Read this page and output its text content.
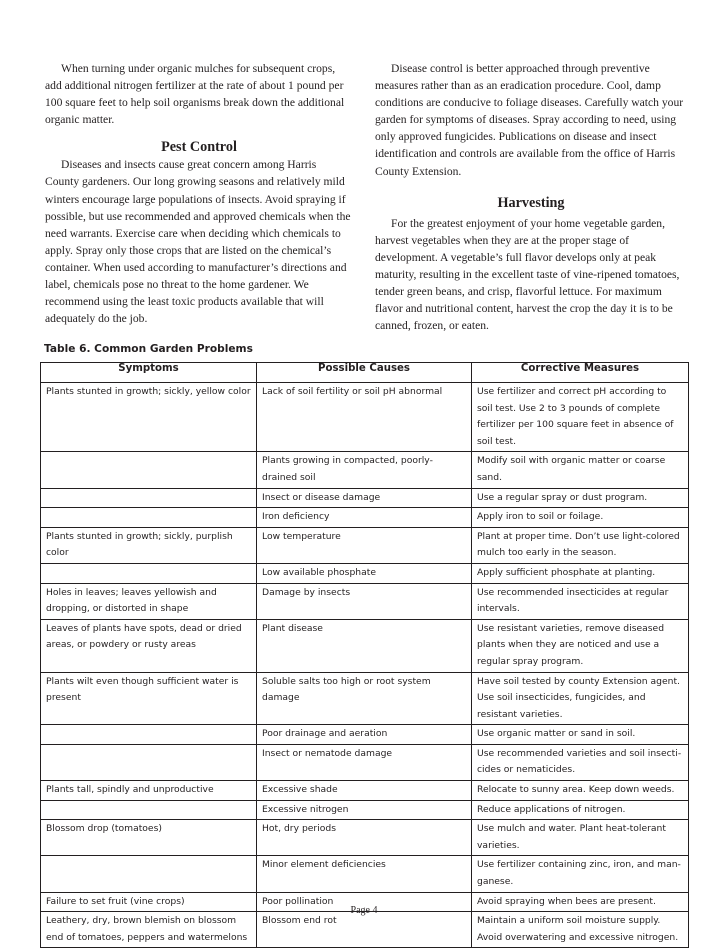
When turning under organic mulches for subsequent crops, add additional nitrogen fertilizer at the rate of about 1 pound per 100 square feet to help soil organisms break down the additional organic matter.

Pest Control

Diseases and insects cause great concern among Harris County gardeners. Our long growing seasons and relatively mild winters encourage large populations of insects. Avoid spraying if possible, but use recommended and approved chemicals when the need warrants. Exercise care when deciding which chemicals to apply. Spray only those crops that are listed on the chemical’s container. When used according to manufacturer’s directions and label, chemicals pose no threat to the home gardener. We recommend using the least toxic products available that will adequately do the job.

Disease control is better approached through preventive measures rather than as an eradication procedure. Cool, damp conditions are conducive to foliage diseases. Carefully watch your garden for symptoms of diseases. Spray according to need, using only approved fungicides. Publications on disease and insect identification and controls are available from the office of Harris County Extension.

Harvesting

For the greatest enjoyment of your home vegetable garden, harvest vegetables when they are at the proper stage of development. A vegetable’s full flavor develops only at peak maturity, resulting in the excellent taste of vine-ripened tomatoes, tender green beans, and crisp, flavorful lettuce. For maximum flavor and nutritional content, harvest the crop the day it is to be canned, frozen, or eaten.

Table 6. Common Garden Problems
Symptoms	Possible Causes	Corrective Measures
Plants stunted in growth; sickly, yellow color	Lack of soil fertility or soil pH abnormal	Use fertilizer and correct pH according to soil test. Use 2 to 3 pounds of complete fertilizer per 100 square feet in absence of soil test.
	Plants growing in compacted, poorly-drained soil	Modify soil with organic matter or coarse sand.
	Insect or disease damage	Use a regular spray or dust program.
	Iron deficiency	Apply iron to soil or foilage.
Plants stunted in growth; sickly, purplish color	Low temperature	Plant at proper time. Don’t use light-colored mulch too early in the season.
	Low available phosphate	Apply sufficient phosphate at planting.
Holes in leaves; leaves yellowish and dropping, or distorted in shape	Damage by insects	Use recommended insecticides at regular intervals.
Leaves of plants have spots, dead or dried areas, or powdery or rusty areas	Plant disease	Use resistant varieties, remove diseased plants when they are noticed and use a regular spray program.
Plants wilt even though sufficient water is present	Soluble salts too high or root system damage	Have soil tested by county Extension agent. Use soil insecticides, fungicides, and resistant varieties.
	Poor drainage and aeration	Use organic matter or sand in soil.
	Insect or nematode damage	Use recommended varieties and soil insecti-cides or nematicides.
Plants tall, spindly and unproductive	Excessive shade	Relocate to sunny area. Keep down weeds.
	Excessive nitrogen	Reduce applications of nitrogen.
Blossom drop (tomatoes)	Hot, dry periods	Use mulch and water. Plant heat-tolerant varieties.
	Minor element deficiencies	Use fertilizer containing zinc, iron, and man-ganese.
Failure to set fruit (vine crops)	Poor pollination	Avoid spraying when bees are present.
Leathery, dry, brown blemish on blossom end of tomatoes, peppers and watermelons	Blossom end rot	Maintain a uniform soil moisture supply. Avoid overwatering and excessive nitrogen.
Page 4
